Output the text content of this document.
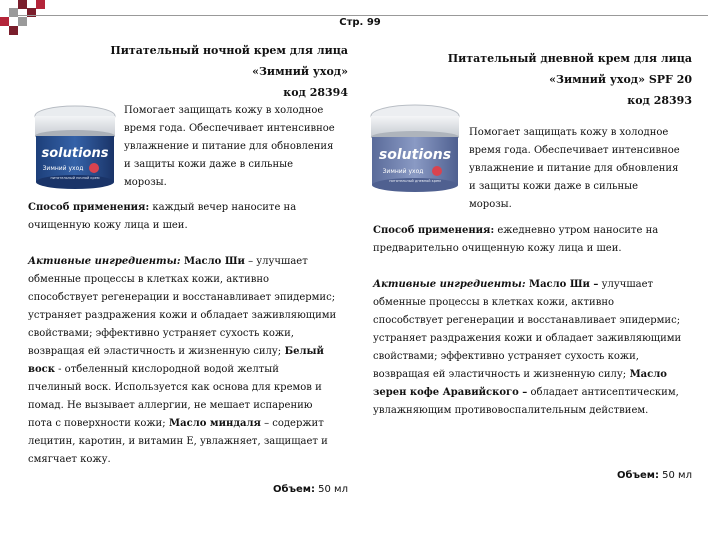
Стр. 99
Питательный ночной крем для лица
«Зимний уход»
код 28394
solutions
Зимний уход
питательный ночной крем
Помогает защищать кожу в холодное
время года. Обеспечивает интенсивное
увлажнение и питание для обновления
и защиты кожи даже в сильные
морозы.
Способ применения: каждый вечер наносите на
очищенную кожу лица и шеи.
Активные ингредиенты: Масло Ши – улучшает
обменные процессы в клетках кожи, активно
способствует регенерации и восстанавливает эпидермис;
устраняет раздражения кожи и обладает заживляющими
свойствами; эффективно устраняет сухость кожи,
возвращая ей эластичность и жизненную силу; Белый
воск - отбеленный кислородной водой желтый
пчелиный воск. Используется как основа для кремов и
помад. Не вызывает аллергии, не мешает испарению
пота с поверхности кожи; Масло миндаля – содержит
лецитин, каротин, и витамин Е, увлажняет, защищает и
смягчает кожу.
Объем: 50 мл
Питательный дневной крем для лица
«Зимний уход» SPF 20
код 28393
solutions
Зимний уход
питательный дневной крем
Помогает защищать кожу в холодное
время года. Обеспечивает интенсивное
увлажнение и питание для обновления
и защиты кожи даже в сильные
морозы.
Способ применения: ежедневно утром наносите на
предварительно очищенную кожу лица и шеи.
Активные ингредиенты: Масло Ши – улучшает
обменные процессы в клетках кожи, активно
способствует регенерации и восстанавливает эпидермис;
устраняет раздражения кожи и обладает заживляющими
свойствами; эффективно устраняет сухость кожи,
возвращая ей эластичность и жизненную силу; Масло
зерен кофе Аравийского – обладает антисептическим,
увлажняющим противовоспалительным действием.
Объем: 50 мл
